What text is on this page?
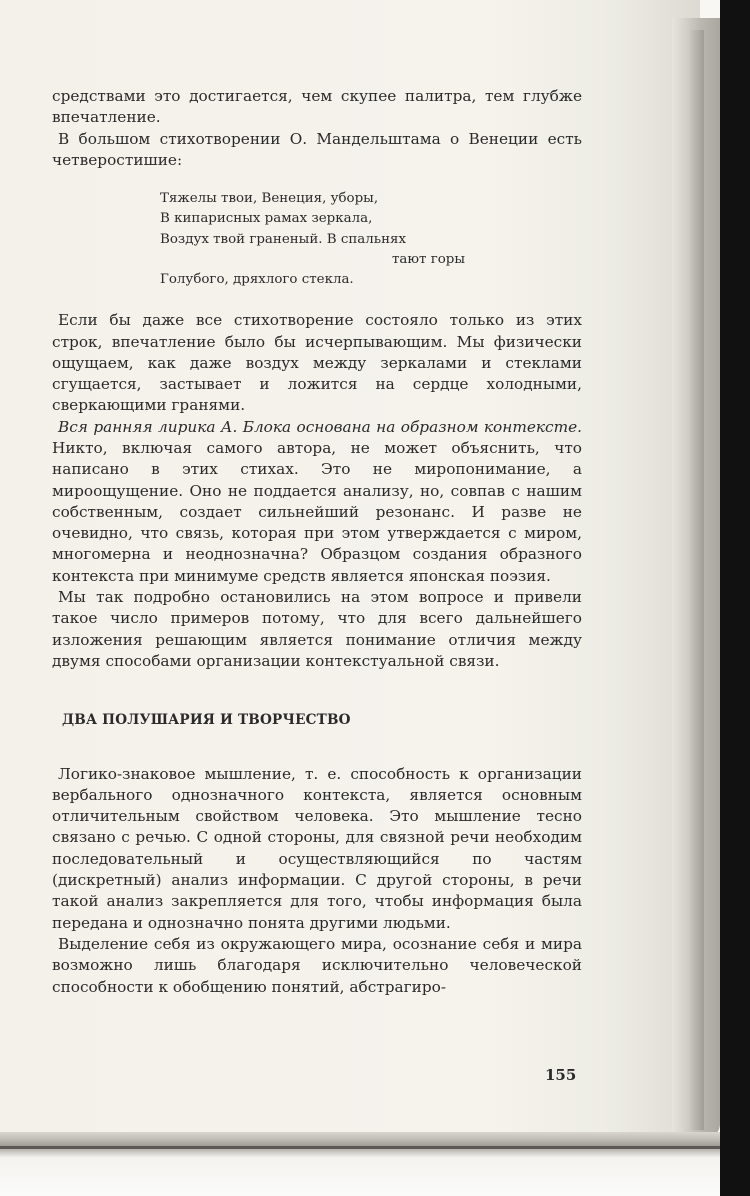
средствами это достигается, чем скупее палитра, тем глубже впечатление.

В большом стихотворении О. Мандельштама о Венеции есть четверостишие:

Тяжелы твои, Венеция, уборы,
В кипарисных рамах зеркала,
Воздух твой граненый. В спальнях
тают горы
Голубого, дряхлого стекла.

Если бы даже все стихотворение состояло только из этих строк, впечатление было бы исчерпывающим. Мы физически ощущаем, как даже воздух между зеркалами и стеклами сгущается, застывает и ложится на сердце холодными, сверкающими гранями.

Вся ранняя лирика А. Блока основана на образном контексте. Никто, включая самого автора, не может объяснить, что написано в этих стихах. Это не миропонимание, а мироощущение. Оно не поддается анализу, но, совпав с нашим собственным, создает сильнейший резонанс. И разве не очевидно, что связь, которая при этом утверждается с миром, многомерна и неоднозначна? Образцом создания образного контекста при минимуме средств является японская поэзия.

Мы так подробно остановились на этом вопросе и привели такое число примеров потому, что для всего дальнейшего изложения решающим является понимание отличия между двумя способами организации контекстуальной связи.

ДВА ПОЛУШАРИЯ И ТВОРЧЕСТВО

Логико-знаковое мышление, т. е. способность к организации вербального однозначного контекста, является основным отличительным свойством человека. Это мышление тесно связано с речью. С одной стороны, для связной речи необходим последовательный и осуществляющийся по частям (дискретный) анализ информации. С другой стороны, в речи такой анализ закрепляется для того, чтобы информация была передана и однозначно понята другими людьми.

Выделение себя из окружающего мира, осознание себя и мира возможно лишь благодаря исключительно человеческой способности к обобщению понятий, абстрагиро-

155
